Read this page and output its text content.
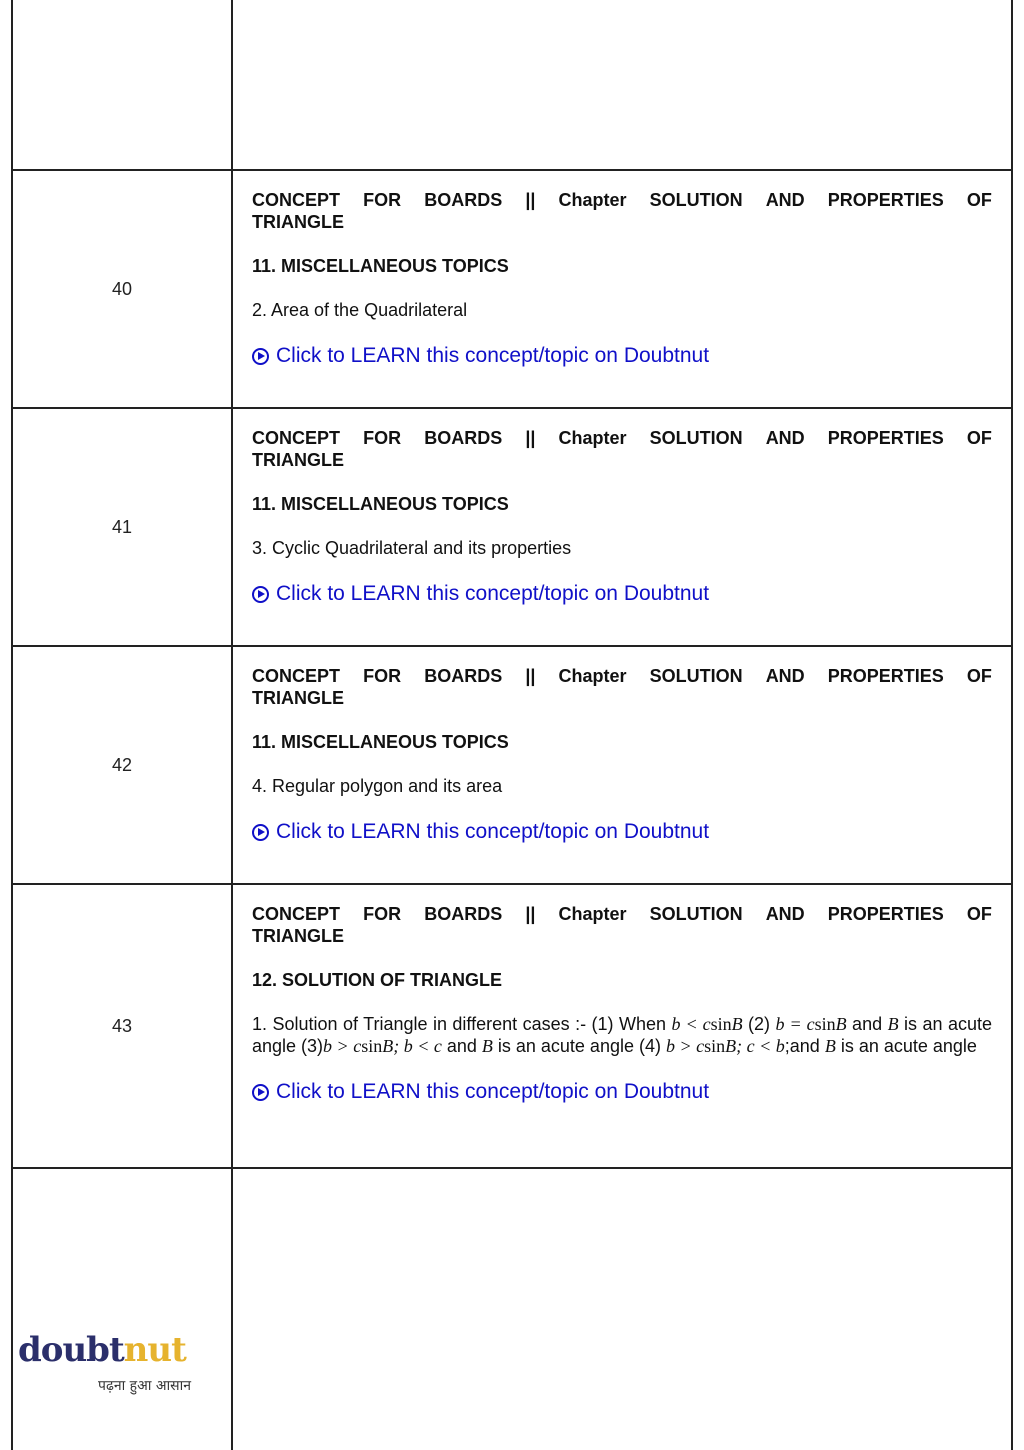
40
CONCEPT FOR BOARDS || Chapter SOLUTION AND PROPERTIES OF
TRIANGLE
11. MISCELLANEOUS TOPICS
2. Area of the Quadrilateral
Click to LEARN this concept/topic on Doubtnut
41
CONCEPT FOR BOARDS || Chapter SOLUTION AND PROPERTIES OF
TRIANGLE
11. MISCELLANEOUS TOPICS
3. Cyclic Quadrilateral and its properties
Click to LEARN this concept/topic on Doubtnut
42
CONCEPT FOR BOARDS || Chapter SOLUTION AND PROPERTIES OF
TRIANGLE
11. MISCELLANEOUS TOPICS
4. Regular polygon and its area
Click to LEARN this concept/topic on Doubtnut
43
CONCEPT FOR BOARDS || Chapter SOLUTION AND PROPERTIES OF
TRIANGLE
12. SOLUTION OF TRIANGLE
1. Solution of Triangle in different cases :- (1) When b < csinB (2) b = csinB and B is an acute angle (3)b > csinB; b < c and B is an acute angle (4) b > csinB; c < b;and B is an acute angle
Click to LEARN this concept/topic on Doubtnut
doubtnut
पढ़ना हुआ आसान
